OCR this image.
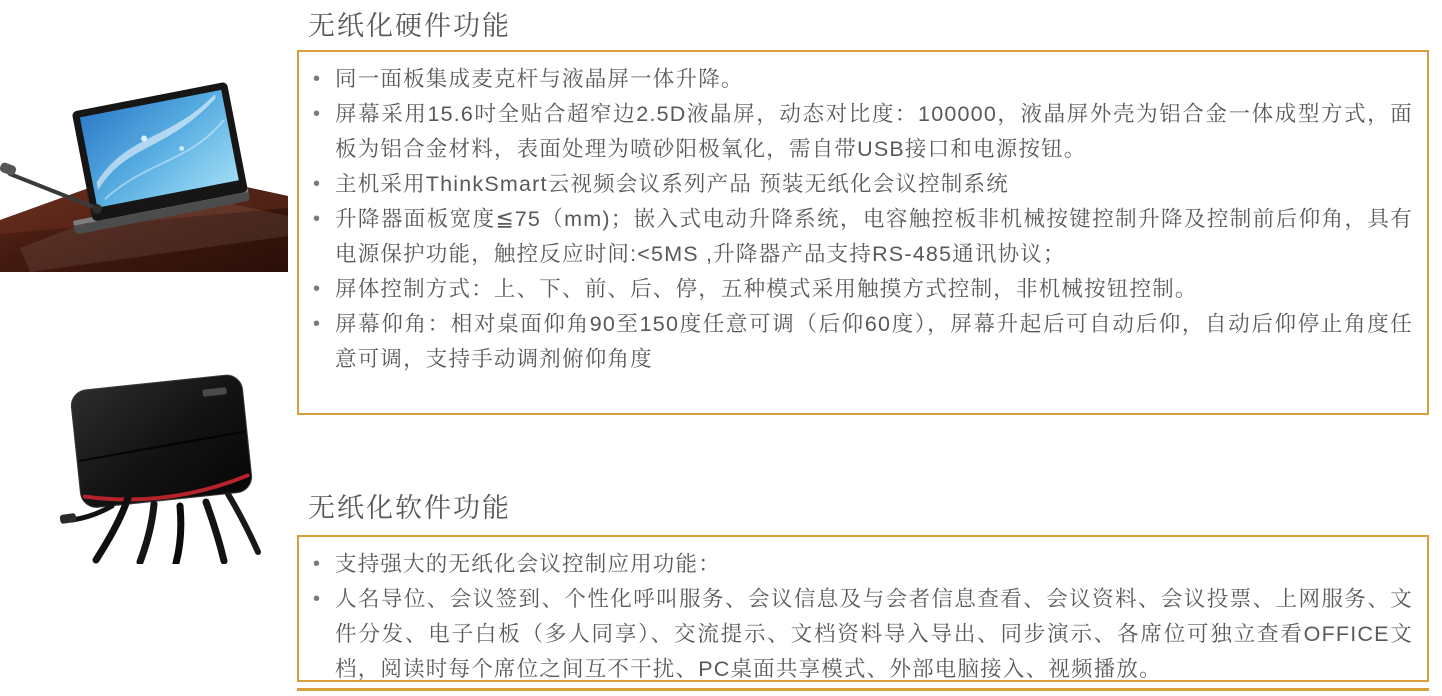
无纸化硬件功能
• 同一面板集成麦克杆与液晶屏一体升降。
• 屏幕采用15.6吋全贴合超窄边2.5D液晶屏，动态对比度：100000，液晶屏外壳为铝合金一体成型方式，面板为铝合金材料，表面处理为喷砂阳极氧化，需自带USB接口和电源按钮。
• 主机采用ThinkSmart云视频会议系列产品 预装无纸化会议控制系统
• 升降器面板宽度≦75（mm)；嵌入式电动升降系统，电容触控板非机械按键控制升降及控制前后仰角，具有电源保护功能，触控反应时间:<5MS ,升降器产品支持RS-485通讯协议；
• 屏体控制方式：上、下、前、后、停，五种模式采用触摸方式控制，非机械按钮控制。
• 屏幕仰角：相对桌面仰角90至150度任意可调（后仰60度），屏幕升起后可自动后仰，自动后仰停止角度任意可调，支持手动调剂俯仰角度
无纸化软件功能
• 支持强大的无纸化会议控制应用功能：
• 人名导位、会议签到、个性化呼叫服务、会议信息及与会者信息查看、会议资料、会议投票、上网服务、文件分发、电子白板（多人同享）、交流提示、文档资料导入导出、同步演示、各席位可独立查看OFFICE文档，阅读时每个席位之间互不干扰、PC桌面共享模式、外部电脑接入、视频播放。
